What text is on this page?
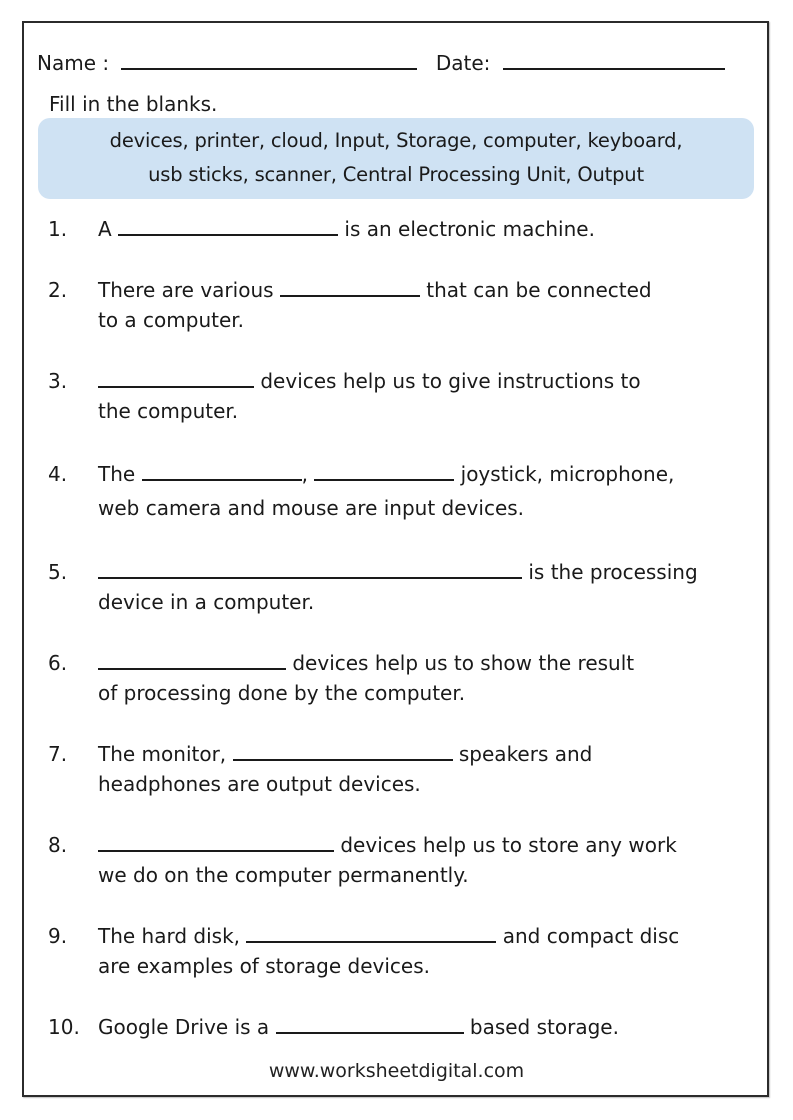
Name :	Date:
Fill in the blanks.
devices, printer, cloud, Input, Storage, computer, keyboard,
usb sticks, scanner, Central Processing Unit, Output
1. A	is an electronic machine.
2. There are various	that can be connected
to a computer.
3.	devices help us to give instructions to
the computer.
4. The	,	joystick, microphone,
web camera and mouse are input devices.
5.	is the processing
device in a computer.
6.	devices help us to show the result
of processing done by the computer.
7. The monitor,	speakers and
headphones are output devices.
8.	devices help us to store any work
we do on the computer permanently.
9. The hard disk,	and compact disc
are examples of storage devices.
10. Google Drive is a	based storage.
www.worksheetdigital.com
